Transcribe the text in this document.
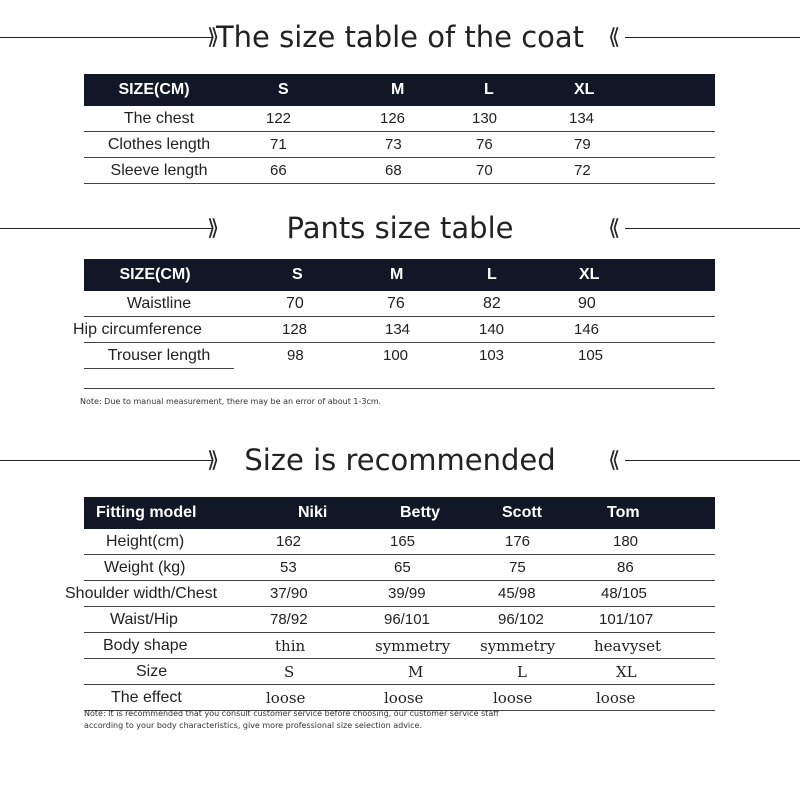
⟫
The size table of the coat	⟪
SIZE(CM)	S	M	L	XL
The chest	122	126	130	134
Clothes length	71	73	76	79
Sleeve length	66	68	70	72
⟫	Pants size table	⟪
SIZE(CM)	S	M	L	XL
Waistline	70	76	82	90
Hip circumference	128	134	140	146
Trouser length	98	100	103	105
Note: Due to manual measurement, there may be an error of about 1-3cm.
⟫ Size is recommended	⟪
Fitting model	Niki	Betty	Scott	Tom
Height(cm)	162	165	176	180
Weight (kg)	53	65	75	86
Shoulder width/Chest	37/90	39/99	45/98	48/105
Waist/Hip	78/92	96/101	96/102	101/107
Body shape	thin	symmetry	symmetry	heavyset
Size	S	M	L	XL
The effect	loose	loose	loose	loose
Note: It is recommended that you consult customer service before choosing, our customer service staff
according to your body characteristics, give more professional size selection advice.
